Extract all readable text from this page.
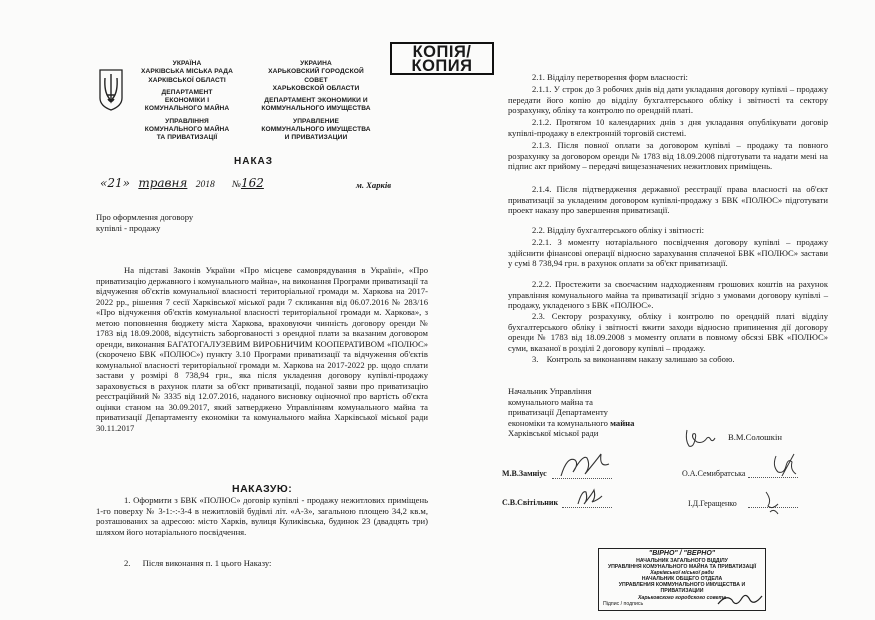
УКРАЇНА
ХАРКІВСЬКА МІСЬКА РАДА
ХАРКІВСЬКОЇ ОБЛАСТІ
ДЕПАРТАМЕНТ
ЕКОНОМІКИ І
КОМУНАЛЬНОГО МАЙНА
УПРАВЛІННЯ
КОМУНАЛЬНОГО МАЙНА
ТА ПРИВАТИЗАЦІЇ
УКРАИНА
ХАРЬКОВСКИЙ ГОРОДСКОЙ
СОВЕТ
ХАРЬКОВСКОЙ ОБЛАСТИ
ДЕПАРТАМЕНТ ЭКОНОМИКИ И
КОММУНАЛЬНОГО ИМУЩЕСТВА
УПРАВЛЕНИЕ
КОММУНАЛЬНОГО ИМУЩЕСТВА
И ПРИВАТИЗАЦИИ
КОПІЯ/
КОПИЯ
НАКАЗ
«21» травня 2018 №162	м. Харків
Про оформлення договору
купівлі - продажу
На підставі Законів України «Про місцеве самоврядування в Україні», «Про приватизацію державного і комунального майна», на виконання Програми приватизації та відчуження об'єктів комунальної власності територіальної громади м. Харкова на 2017-2022 рр., рішення 7 сесії Харківської міської ради 7 скликання від 06.07.2016 № 283/16 «Про відчуження об'єктів комунальної власності територіальної громади м. Харкова», з метою поповнення бюджету міста Харкова, враховуючи чинність договору оренди № 1783 від 18.09.2008, відсутність заборгованості з орендної плати за вказаним договором оренди, виконання БАГАТОГАЛУЗЕВИМ ВИРОБНИЧИМ КООПЕРАТИВОМ «ПОЛЮС» (скорочено БВК «ПОЛЮС») пункту 3.10 Програми приватизації та відчуження об'єктів комунальної власності територіальної громади м. Харкова на 2017-2022 рр. щодо сплати застави у розмірі 8 738,94 грн., яка після укладення договору купівлі-продажу зараховується в рахунок плати за об'єкт приватизації, поданої заяви про приватизацію реєстраційний № 3335 від 12.07.2016, наданого висновку оціночної про вартість об'єкта оцінки станом на 30.09.2017, який затверджено Управлінням комунального майна та приватизації Департаменту економіки та комунального майна Харківської міської ради 30.11.2017
НАКАЗУЮ:
1. Оформити з БВК «ПОЛЮС» договір купівлі - продажу нежитлових приміщень 1-го поверху № 3-1:-:-3-4 в нежитловій будівлі літ. «А-3», загальною площею 34,2 кв.м, розташованих за адресою: місто Харків, вулиця Куликівська, будинок 23 (двадцять три) шляхом його нотаріального посвідчення.
2. Після виконання п. 1 цього Наказу:
2.1. Відділу перетворення форм власності:
2.1.1. У строк до 3 робочих днів від дати укладання договору купівлі – продажу передати його копію до відділу бухгалтерського обліку і звітності та сектору розрахунку, обліку та контролю по орендній платі.
2.1.2. Протягом 10 календарних днів з дня укладання опублікувати договір купівлі-продажу в електронній торговій системі.
2.1.3. Після повної оплати за договором купівлі – продажу та повного розрахунку за договором оренди № 1783 від 18.09.2008 підготувати та надати мені на підпис акт прийому – передачі вищезазначених нежитлових приміщень.
2.1.4. Після підтвердження державної реєстрації права власності на об'єкт приватизації за укладеним договором купівлі-продажу з БВК «ПОЛЮС» підготувати проект наказу про завершення приватизації.
2.2. Відділу бухгалтерського обліку і звітності:
2.2.1. З моменту нотаріального посвідчення договору купівлі – продажу здійснити фінансові операції відносно зарахування сплаченої БВК «ПОЛЮС» застави у сумі 8 738,94 грн. в рахунок оплати за об'єкт приватизації.
2.2.2. Простежити за своєчасним надходженням грошових коштів на рахунок управління комунального майна та приватизації згідно з умовами договору купівлі – продажу, укладеного з БВК «ПОЛЮС».
2.3. Сектору розрахунку, обліку і контролю по орендній платі відділу бухгалтерського обліку і звітності вжити заходи відносно припинення дії договору оренди № 1783 від 18.09.2008 з моменту оплати в повному обсязі БВК «ПОЛЮС» суми, вказаної в розділі 2 договору купівлі – продажу.
3. Контроль за виконанням наказу залишаю за собою.
Начальник Управління
комунального майна та
приватизації Департаменту
економіки та комунального майна
Харківської міської ради	В.М.Солошкін
М.В.Замніус
С.В.Світільник
О.А.Семибратська
І.Д.Геращенко
"ВІРНО" / "ВЕРНО"
НАЧАЛЬНИК ЗАГАЛЬНОГО ВІДДІЛУ
УПРАВЛІННЯ КОМУНАЛЬНОГО МАЙНА ТА ПРИВАТИЗАЦІЇ
Харківської міської ради
НАЧАЛЬНИК ОБЩЕГО ОТДЕЛА
УПРАВЛЕНИЯ КОММУНАЛЬНОГО ИМУЩЕСТВА И ПРИВАТИЗАЦИИ
Харьковского городского совета
Підпис / подпись
